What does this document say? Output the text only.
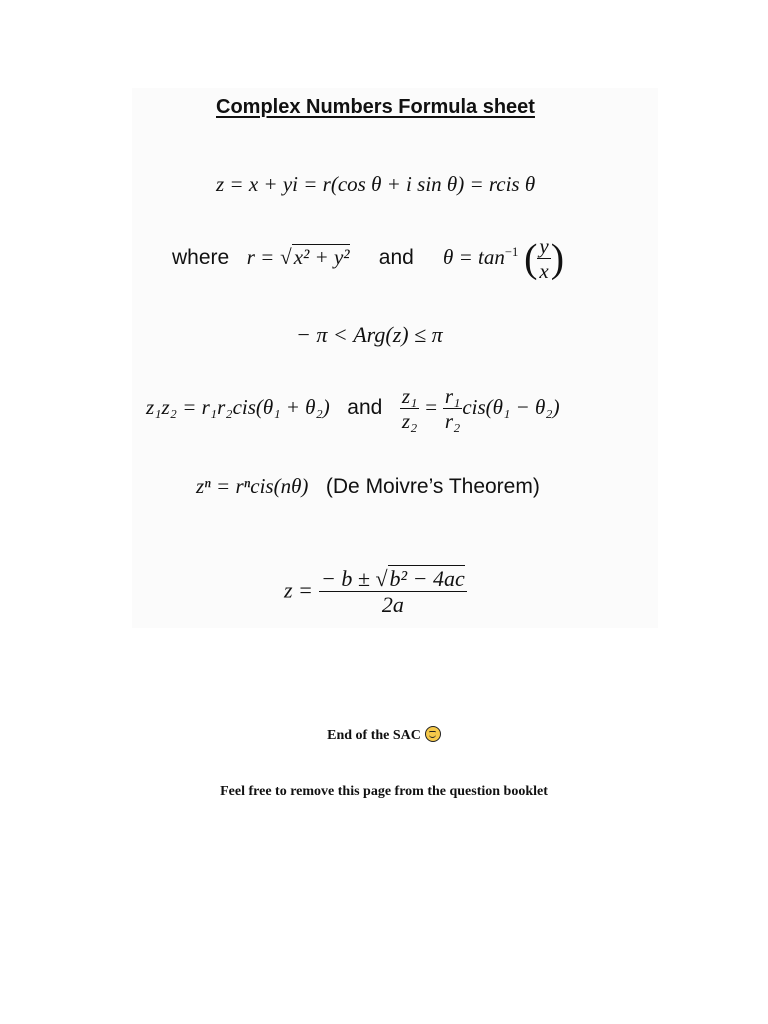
Complex Numbers Formula sheet
z = x + yi = r(cos θ + i sin θ) = rcis θ
where r = √x² + y² and $\theta = \tan^{-1}$ ( $\frac{y}{x}$ )
− π < Arg(z) ≤ π
z₁z₂ = r₁r₂cis(θ₁ + θ₂) and $\frac{\text{z₁}}{\text{z₂}} = \frac{\text{r₁}}{\text{r₂}} cis(\theta_1 - \theta_2)$
zⁿ = rⁿcis(nθ) (De Moivre’s Theorem)
$z = \frac{\text{− b ± √b² − 4ac}}{2a}$
End of the SAC
Feel free to remove this page from the question booklet
